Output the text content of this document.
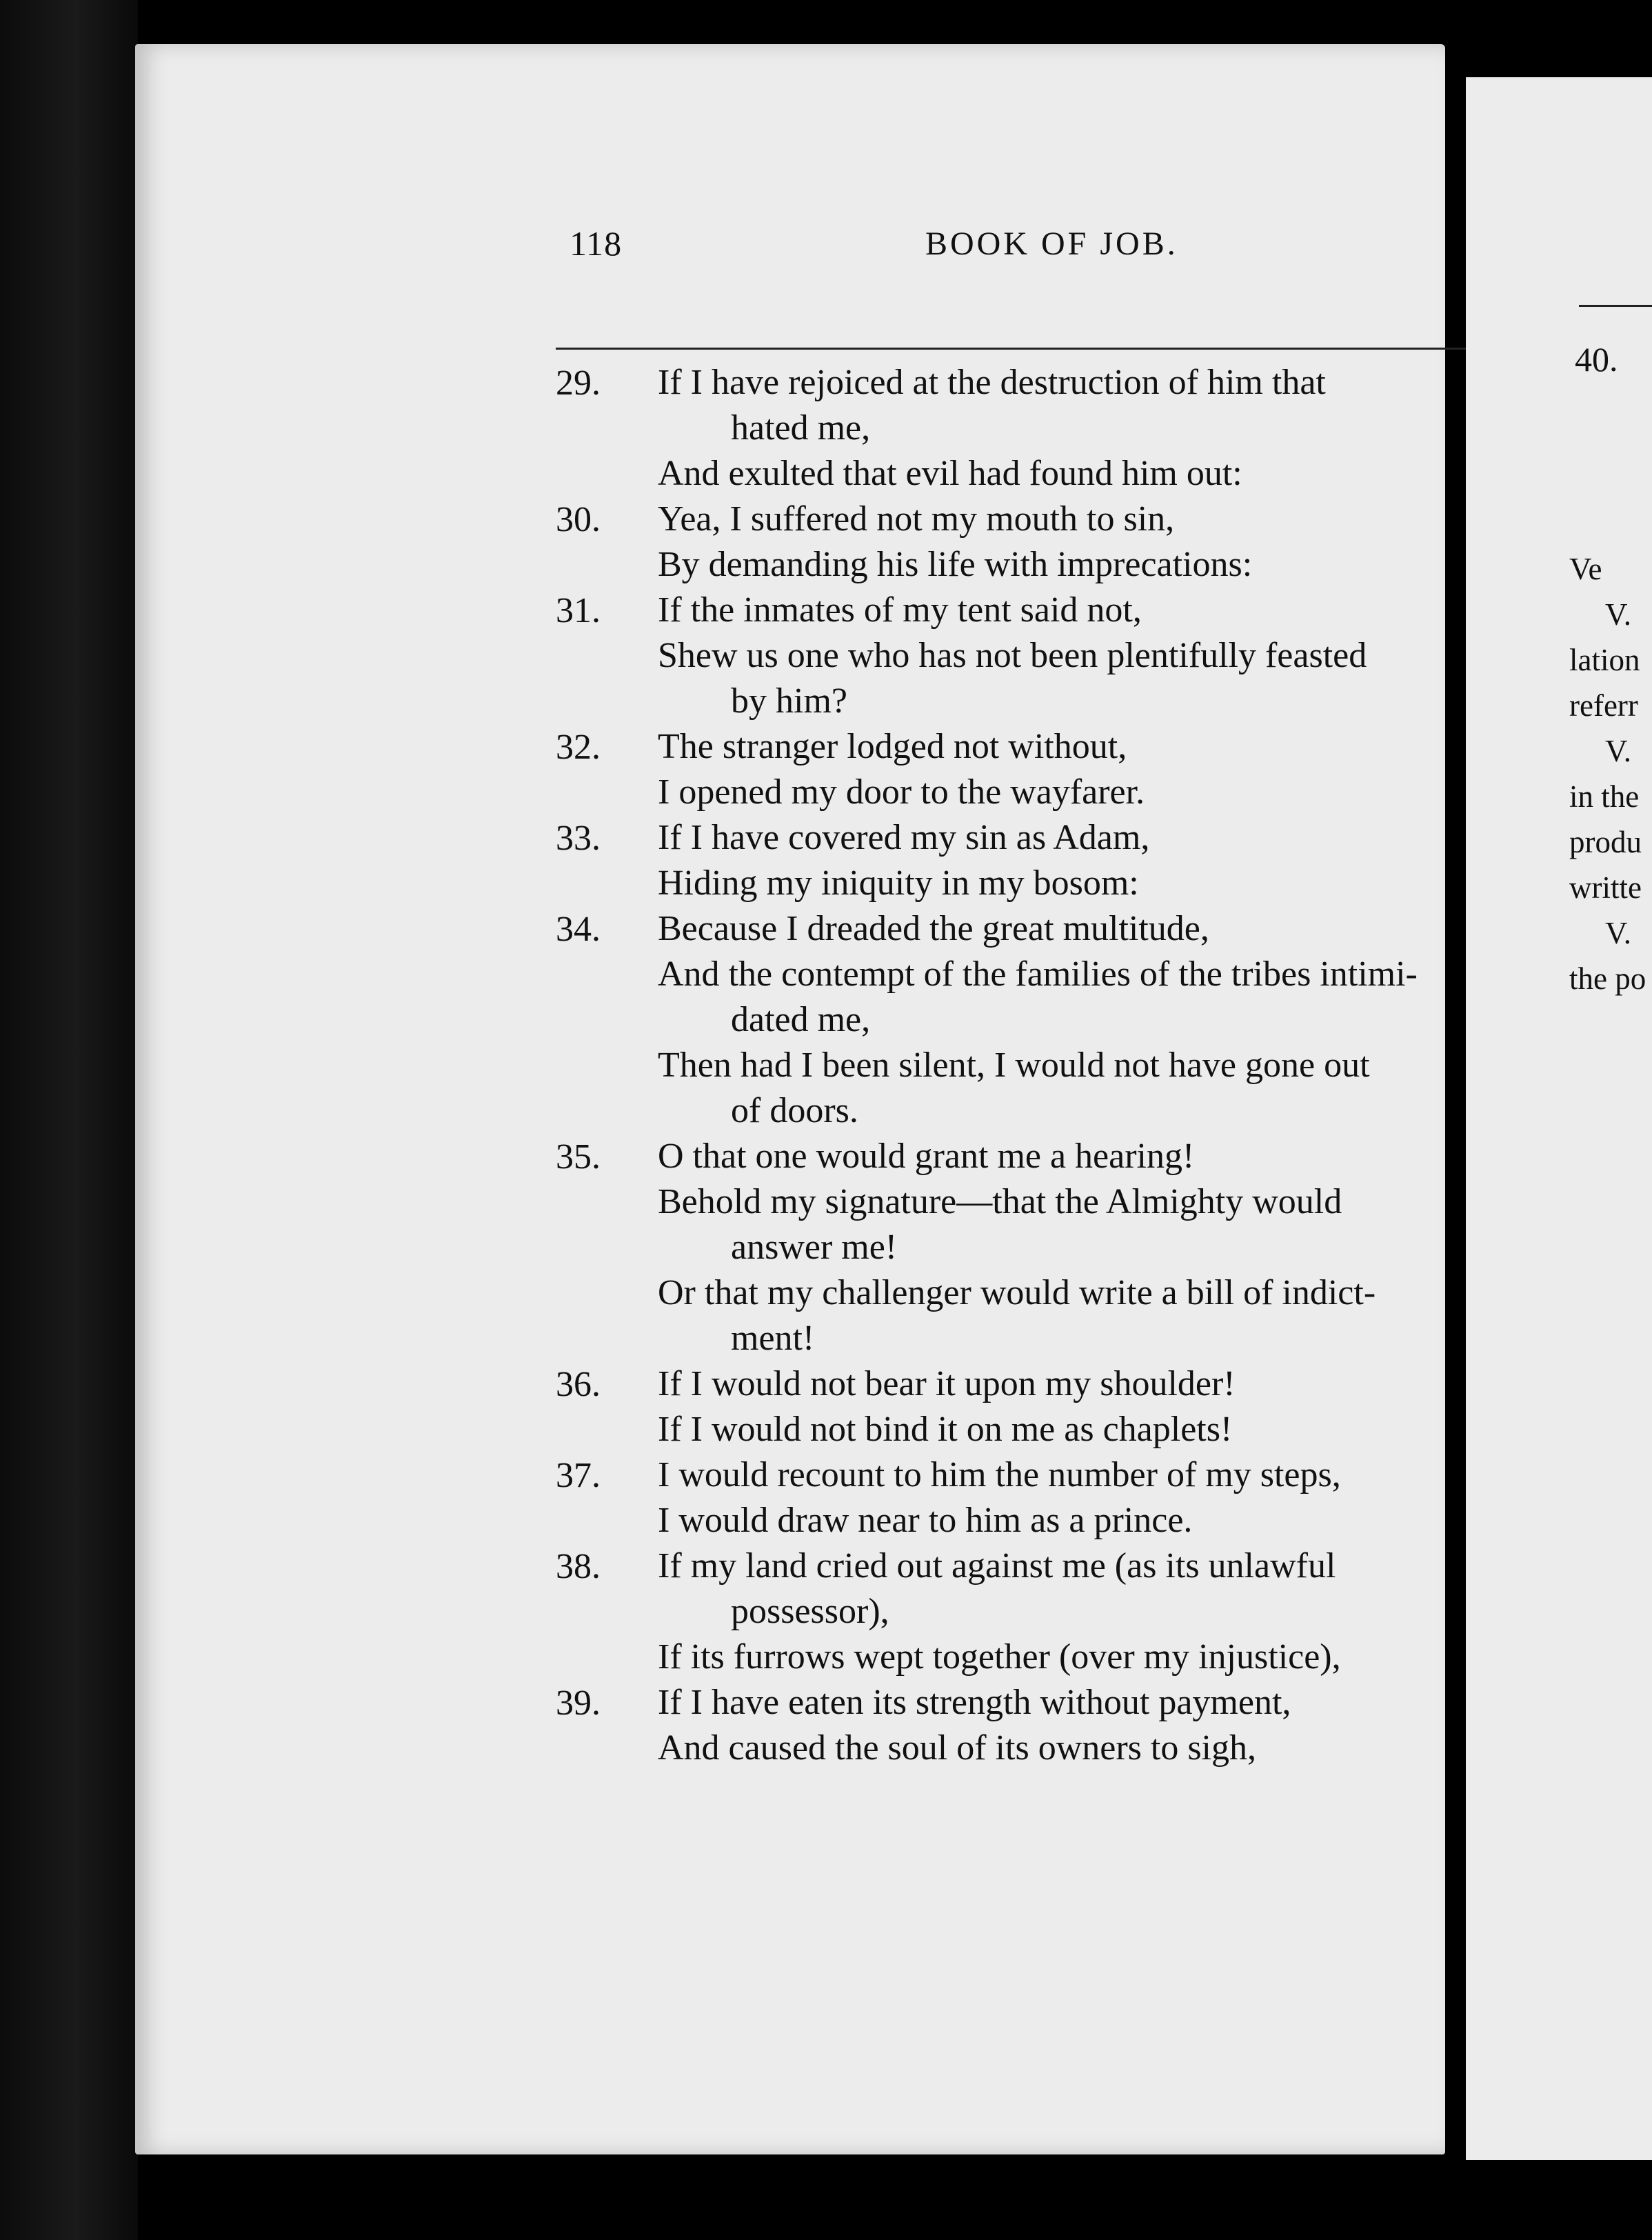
118	BOOK OF JOB.
29.	If I have rejoiced at the destruction of him that
hated me,
And exulted that evil had found him out:
30.	Yea, I suffered not my mouth to sin,
By demanding his life with imprecations:
31.	If the inmates of my tent said not,
Shew us one who has not been plentifully feasted
by him?
32.	The stranger lodged not without,
I opened my door to the wayfarer.
33.	If I have covered my sin as Adam,
Hiding my iniquity in my bosom:
34.	Because I dreaded the great multitude,
And the contempt of the families of the tribes intimi-
dated me,
Then had I been silent, I would not have gone out
of doors.
35.	O that one would grant me a hearing!
Behold my signature—that the Almighty would
answer me!
Or that my challenger would write a bill of indict-
ment!
36.	If I would not bear it upon my shoulder!
If I would not bind it on me as chaplets!
37.	I would recount to him the number of my steps,
I would draw near to him as a prince.
38.	If my land cried out against me (as its unlawful
possessor),
If its furrows wept together (over my injustice),
39.	If I have eaten its strength without payment,
And caused the soul of its owners to sigh,
40.
Ve
V.
lation
referr
V.
in the
produ
writte
V.
the po
